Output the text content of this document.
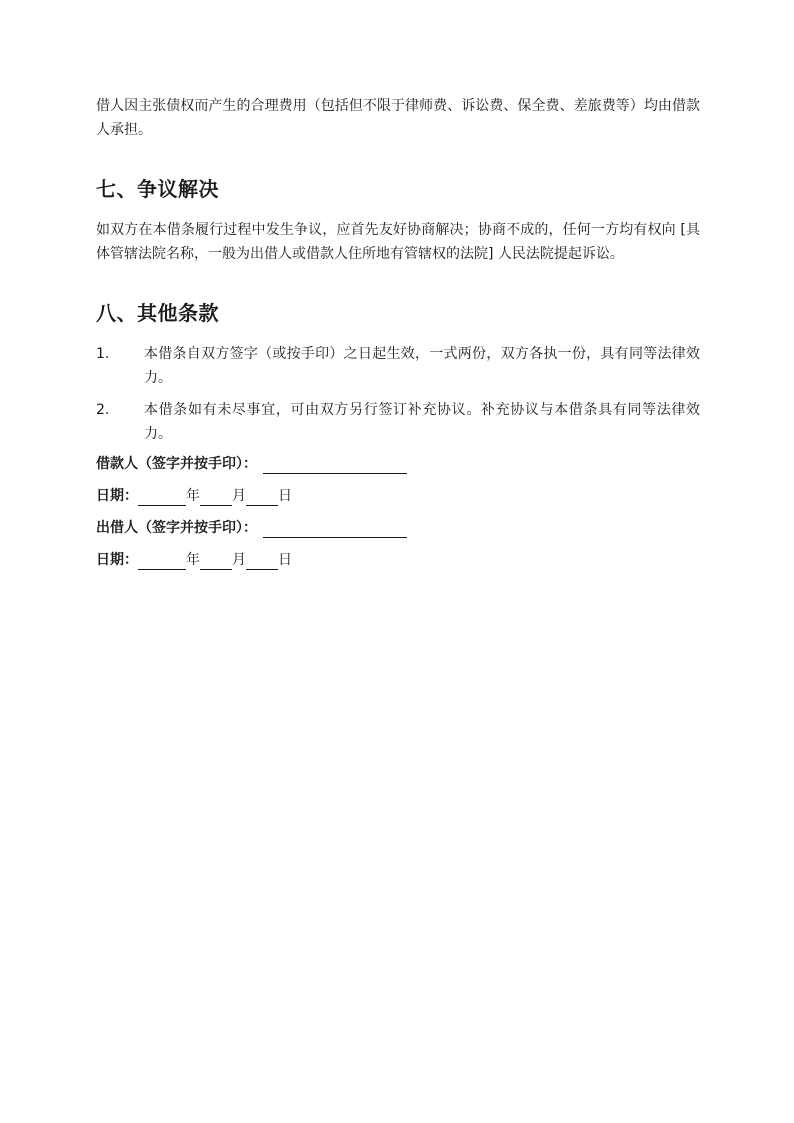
借人因主张债权而产生的合理费用（包括但不限于律师费、诉讼费、保全费、差旅费等）均由借款人承担。

七、争议解决

如双方在本借条履行过程中发生争议，应首先友好协商解决；协商不成的，任何一方均有权向 [具体管辖法院名称，一般为出借人或借款人住所地有管辖权的法院] 人民法院提起诉讼。

八、其他条款
1.	本借条自双方签字（或按手印）之日起生效，一式两份，双方各执一份，具有同等法律效力。
2.	本借条如有未尽事宜，可由双方另行签订补充协议。补充协议与本借条具有同等法律效力。
借款人（签字并按手印）：
日期：	年 月 日
出借人（签字并按手印）：
日期：	年 月 日
